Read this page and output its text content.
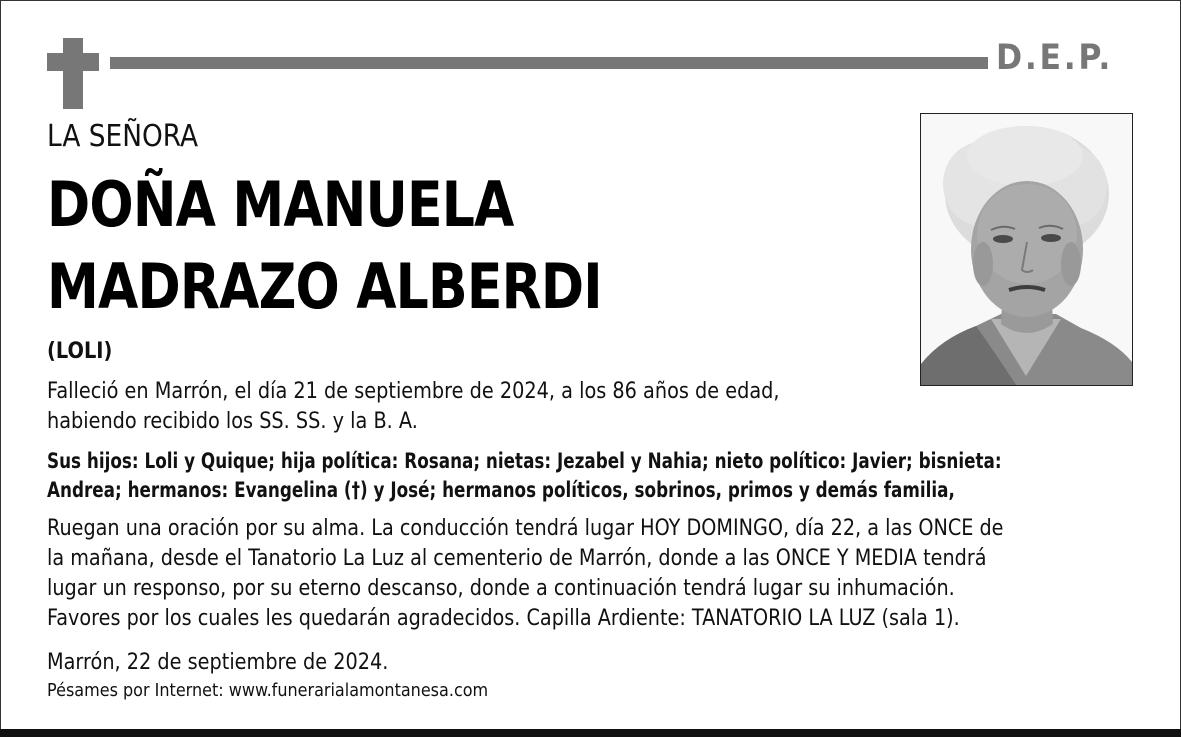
D.E.P.
LA SEÑORA
DOÑA MANUELA
MADRAZO ALBERDI
(LOLI)
Falleció en Marrón, el día 21 de septiembre de 2024, a los 86 años de edad,
habiendo recibido los SS. SS. y la B. A.
Sus hijos: Loli y Quique; hija política: Rosana; nietas: Jezabel y Nahia; nieto político: Javier; bisnieta:
Andrea; hermanos: Evangelina (†) y José; hermanos políticos, sobrinos, primos y demás familia,
Ruegan una oración por su alma. La conducción tendrá lugar HOY DOMINGO, día 22, a las ONCE de
la mañana, desde el Tanatorio La Luz al cementerio de Marrón, donde a las ONCE Y MEDIA tendrá
lugar un responso, por su eterno descanso, donde a continuación tendrá lugar su inhumación.
Favores por los cuales les quedarán agradecidos. Capilla Ardiente: TANATORIO LA LUZ (sala 1).
Marrón, 22 de septiembre de 2024.
Pésames por Internet: www.funerarialamontanesa.com
